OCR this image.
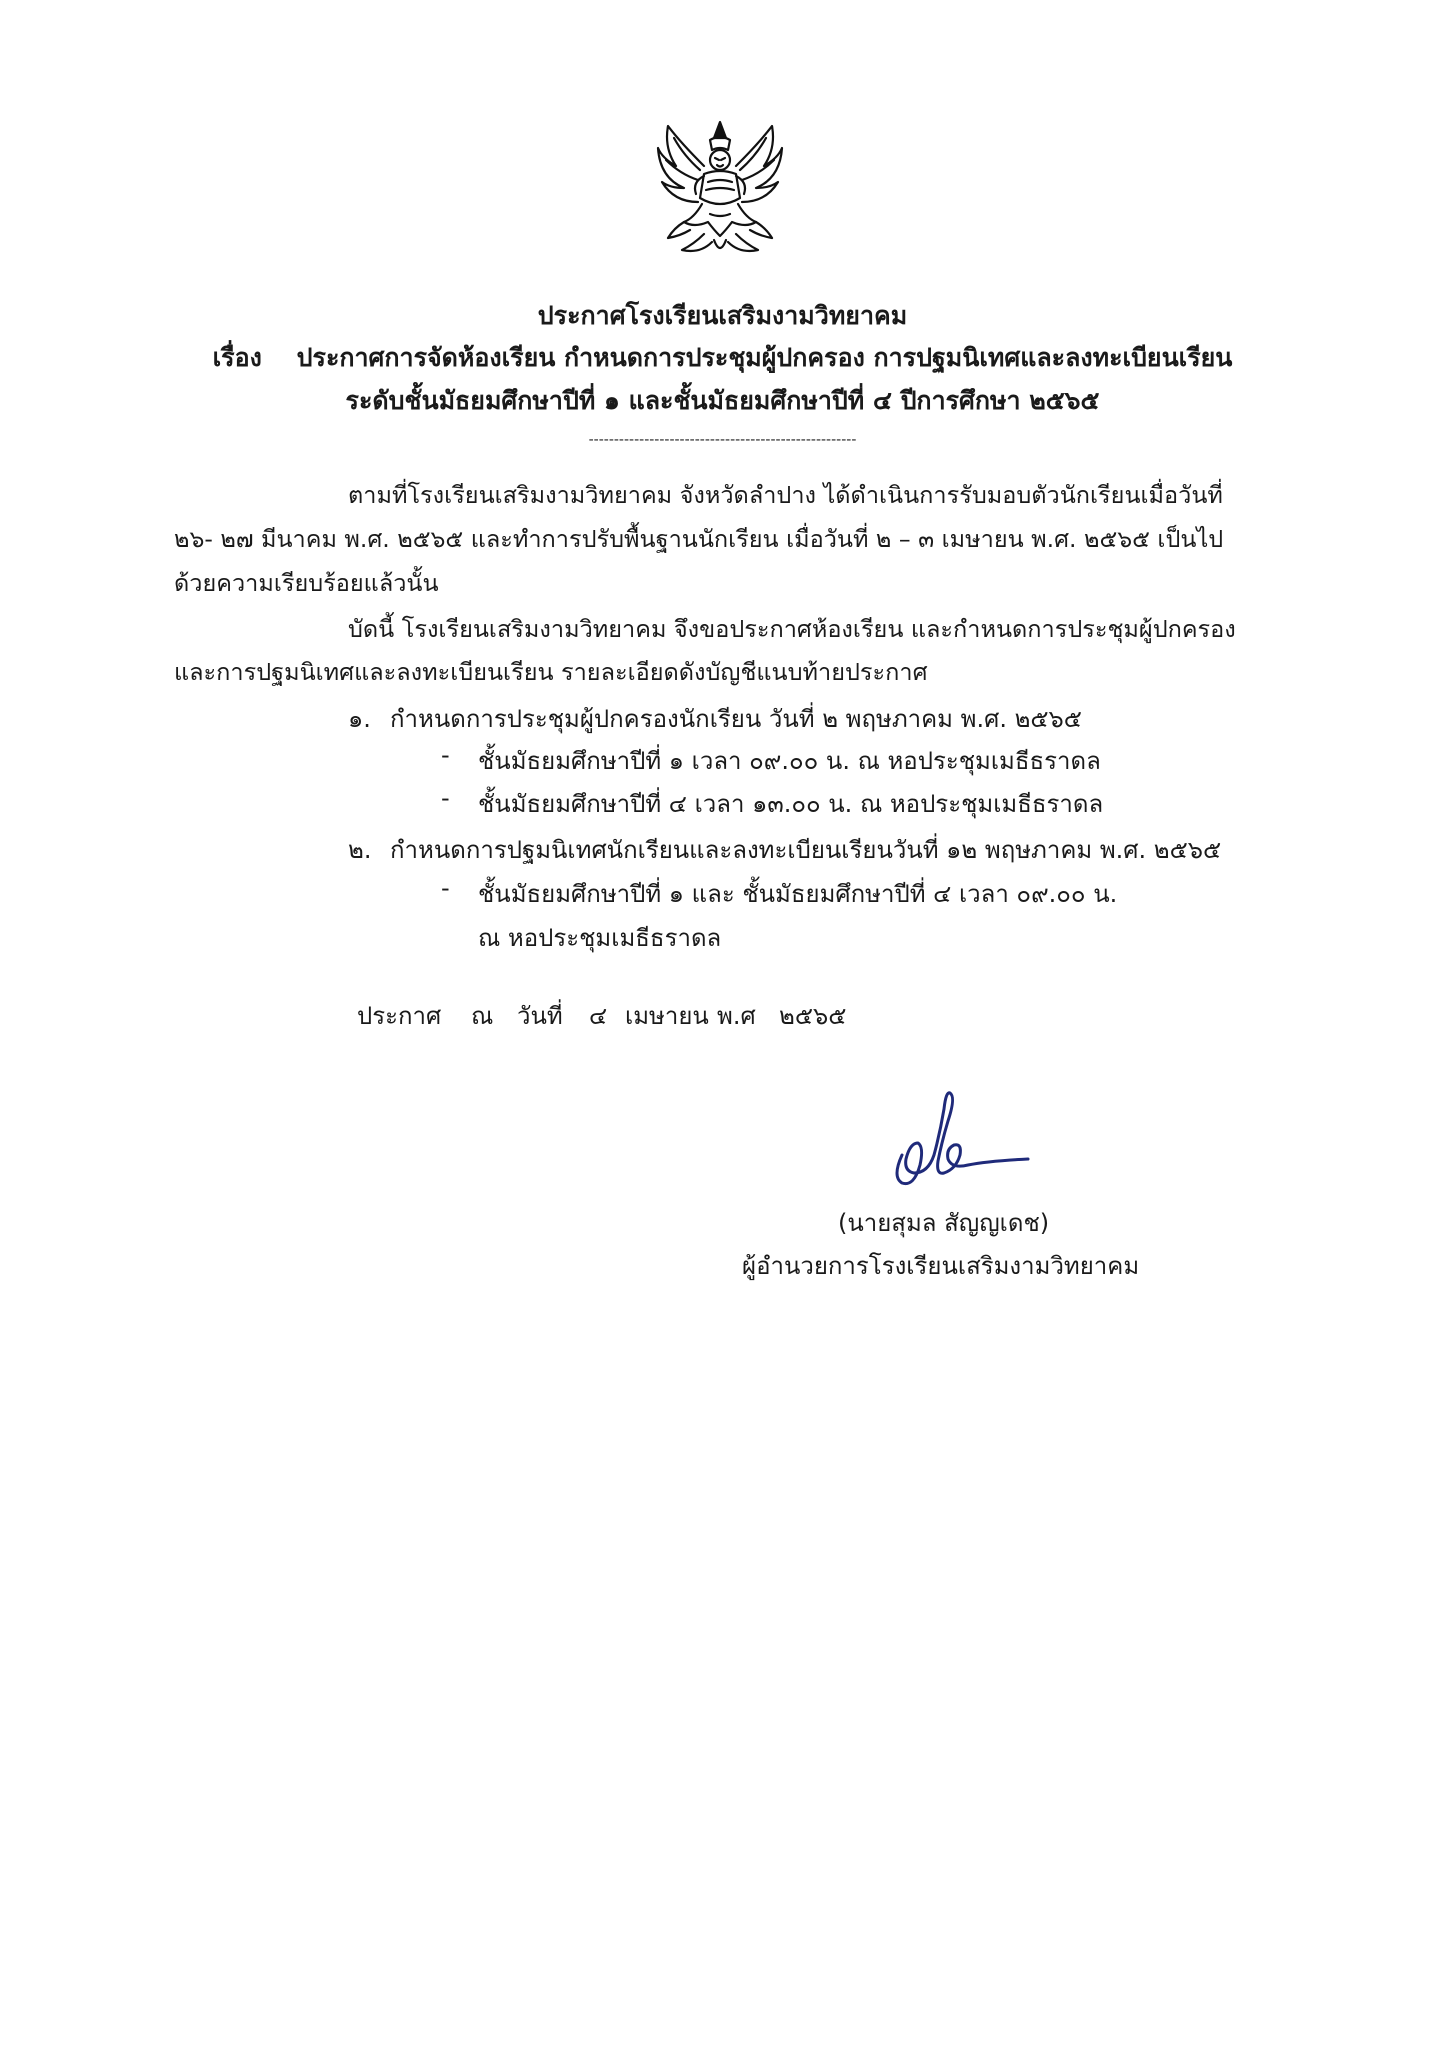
ประกาศโรงเรียนเสริมงามวิทยาคม
เรื่อง ประกาศการจัดห้องเรียน กำหนดการประชุมผู้ปกครอง การปฐมนิเทศและลงทะเบียนเรียน
ระดับชั้นมัธยมศึกษาปีที่ ๑ และชั้นมัธยมศึกษาปีที่ ๔ ปีการศึกษา ๒๕๖๕
-----------------------------------------------------
ตามที่โรงเรียนเสริมงามวิทยาคม จังหวัดลำปาง ได้ดำเนินการรับมอบตัวนักเรียนเมื่อวันที่
๒๖- ๒๗ มีนาคม พ.ศ. ๒๕๖๕ และทำการปรับพื้นฐานนักเรียน เมื่อวันที่ ๒ – ๓ เมษายน พ.ศ. ๒๕๖๕ เป็นไป
ด้วยความเรียบร้อยแล้วนั้น
บัดนี้ โรงเรียนเสริมงามวิทยาคม จึงขอประกาศห้องเรียน และกำหนดการประชุมผู้ปกครอง
และการปฐมนิเทศและลงทะเบียนเรียน รายละเอียดดังบัญชีแนบท้ายประกาศ
๑. กำหนดการประชุมผู้ปกครองนักเรียน วันที่ ๒ พฤษภาคม พ.ศ. ๒๕๖๕
- ชั้นมัธยมศึกษาปีที่ ๑ เวลา ๐๙.๐๐ น. ณ หอประชุมเมธีธราดล
- ชั้นมัธยมศึกษาปีที่ ๔ เวลา ๑๓.๐๐ น. ณ หอประชุมเมธีธราดล
๒. กำหนดการปฐมนิเทศนักเรียนและลงทะเบียนเรียนวันที่ ๑๒ พฤษภาคม พ.ศ. ๒๕๖๕
- ชั้นมัธยมศึกษาปีที่ ๑ และ ชั้นมัธยมศึกษาปีที่ ๔ เวลา ๐๙.๐๐ น.
ณ หอประชุมเมธีธราดล
ประกาศ ณ วันที่ ๔ เมษายน พ.ศ ๒๕๖๕
(นายสุมล สัญญเดช)
ผู้อำนวยการโรงเรียนเสริมงามวิทยาคม
